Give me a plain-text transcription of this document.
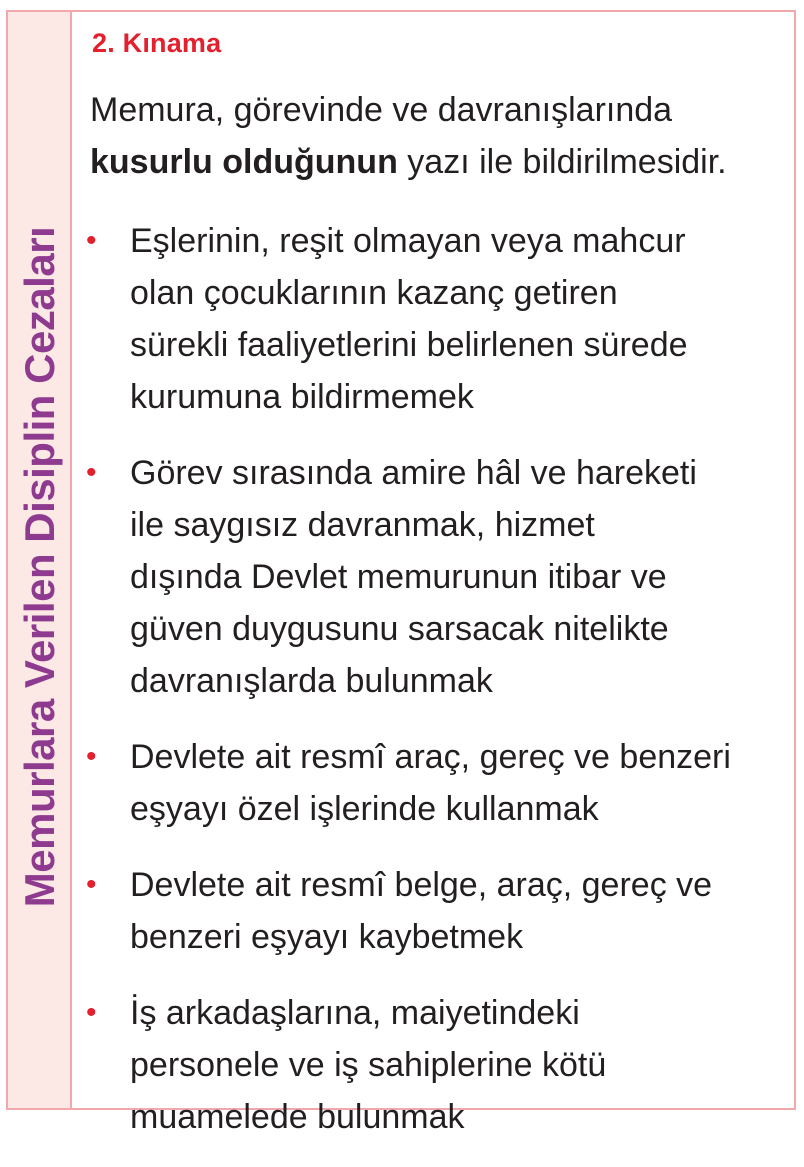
Memurlara Verilen Disiplin Cezaları
2. Kınama
Memura, görevinde ve davranışlarında kusurlu olduğunun yazı ile bildirilmesidir.
• Eşlerinin, reşit olmayan veya mahcur
olan çocuklarının kazanç getiren
sürekli faaliyetlerini belirlenen sürede
kurumuna bildirmemek
• Görev sırasında amire hâl ve hareketi
ile saygısız davranmak, hizmet
dışında Devlet memurunun itibar ve
güven duygusunu sarsacak nitelikte
davranışlarda bulunmak
• Devlete ait resmî araç, gereç ve benzeri
eşyayı özel işlerinde kullanmak
• Devlete ait resmî belge, araç, gereç ve
benzeri eşyayı kaybetmek
• İş arkadaşlarına, maiyetindeki
personele ve iş sahiplerine kötü
muamelede bulunmak
